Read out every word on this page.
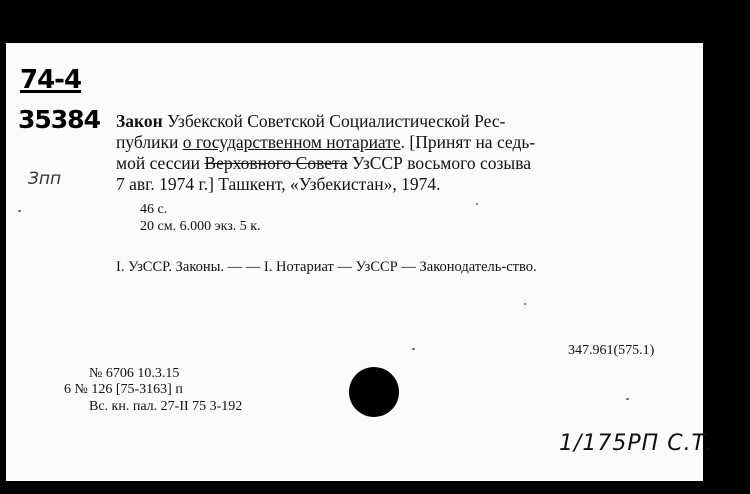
74-4
35384
Зпп
Закон Узбекской Советской Социалистической Рес-
публики о государственном нотариате. [Принят на седь-
мой сессии Верховного Совета УзССР восьмого созыва
7 авг. 1974 г.] Ташкент, «Узбекистан», 1974.
46 с.
20 см. 6.000 экз. 5 к.
I. УзССР. Законы. — — I. Нотариат — УзССР — Законодатель-ство.
347.961(575.1)
№ 6706 10.3.15
6 № 126 [75-3163] п
Вс. кн. пал. 27-II 75 3-192
1/175РП С.Т.
